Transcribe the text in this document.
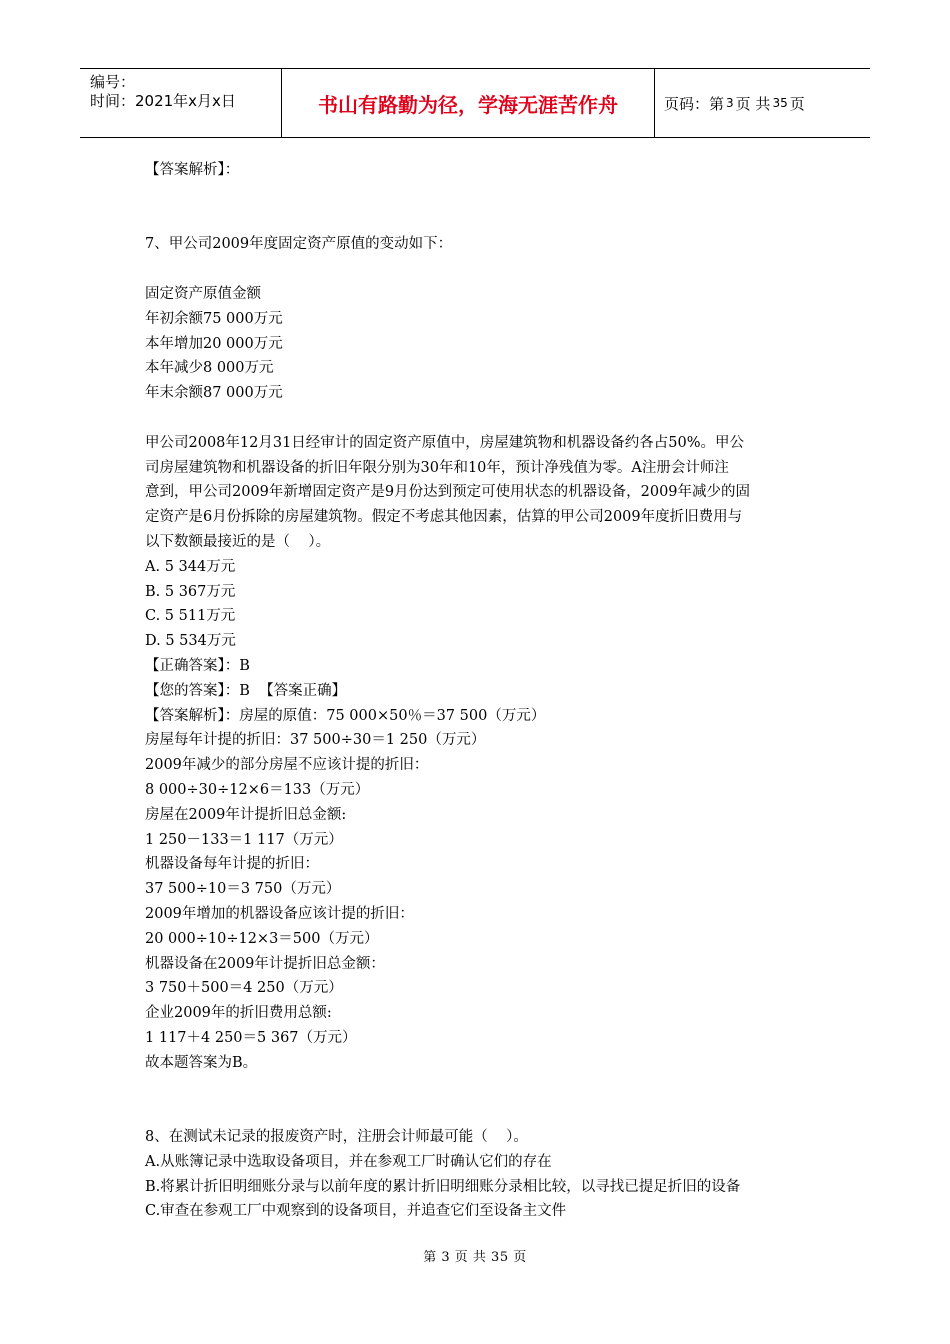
编号：
时间：2021年x月x日	书山有路勤为径，学海无涯苦作舟	页码：第 3 页 共 35 页

【答案解析】：

7、甲公司2009年度固定资产原值的变动如下：

固定资产原值金额

年初余额75 000万元

本年增加20 000万元

本年减少8 000万元

年末余额87 000万元

甲公司2008年12月31日经审计的固定资产原值中，房屋建筑物和机器设备约各占50%。甲公

司房屋建筑物和机器设备的折旧年限分别为30年和10年，预计净残值为零。A注册会计师注

意到，甲公司2009年新增固定资产是9月份达到预定可使用状态的机器设备，2009年减少的固

定资产是6月份拆除的房屋建筑物。假定不考虑其他因素，估算的甲公司2009年度折旧费用与

以下数额最接近的是（    ）。

A. 5 344万元

B. 5 367万元

C. 5 511万元

D. 5 534万元

【正确答案】：B

【您的答案】：B  【答案正确】

【答案解析】：房屋的原值：75 000×50％＝37 500（万元）

房屋每年计提的折旧：37 500÷30＝1 250（万元）

2009年减少的部分房屋不应该计提的折旧：

8 000÷30÷12×6＝133（万元）

房屋在2009年计提折旧总金额:

1 250－133＝1 117（万元）

机器设备每年计提的折旧：

37 500÷10＝3 750（万元）

2009年增加的机器设备应该计提的折旧：

20 000÷10÷12×3＝500（万元）

机器设备在2009年计提折旧总金额：

3 750＋500＝4 250（万元）

企业2009年的折旧费用总额:

1 117＋4 250＝5 367（万元）

故本题答案为B。

8、在测试未记录的报废资产时，注册会计师最可能（    ）。

A.从账簿记录中选取设备项目，并在参观工厂时确认它们的存在

B.将累计折旧明细账分录与以前年度的累计折旧明细账分录相比较，以寻找已提足折旧的设备

C.审查在参观工厂中观察到的设备项目，并追查它们至设备主文件

第 3 页 共 35 页
